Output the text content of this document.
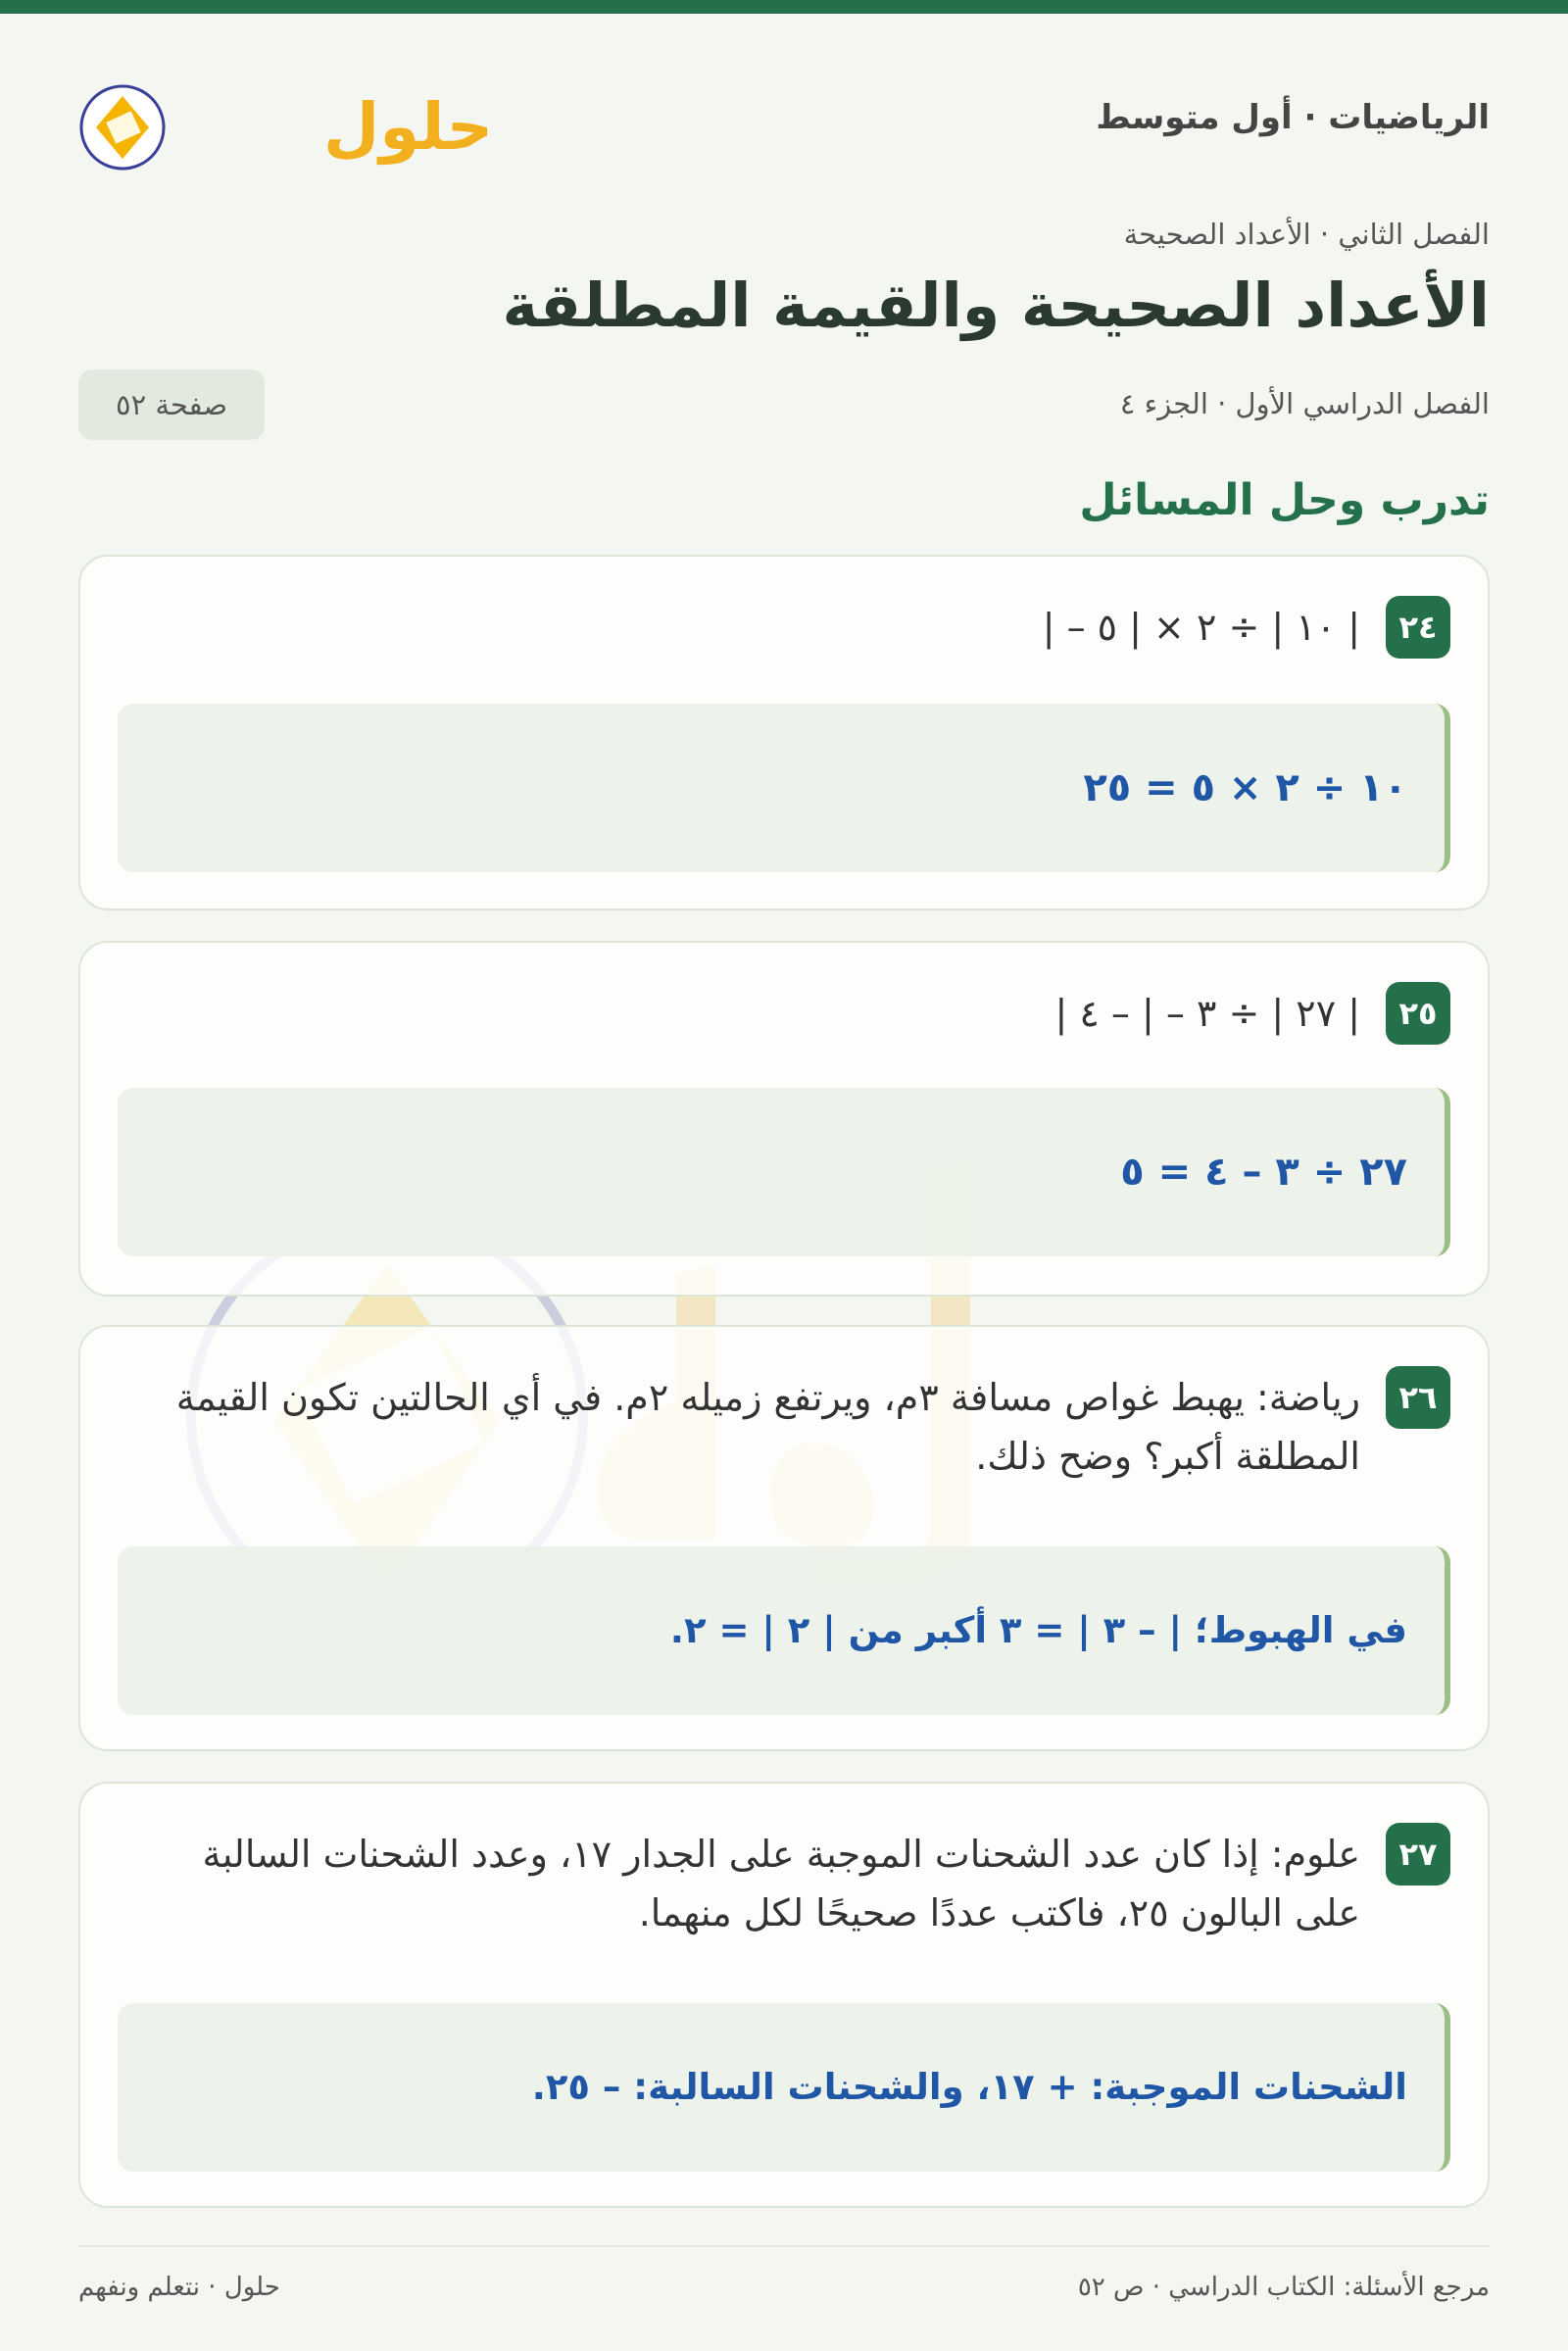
الرياضيات · أول متوسط
حلول
الفصل الثاني · الأعداد الصحيحة
الأعداد الصحيحة والقيمة المطلقة
الفصل الدراسي الأول · الجزء ٤
صفحة ٥٢
تدرب وحل المسائل
٢٤
| – ١٠ | ÷ ٢ × | ٥ |
١٠ ÷ ٢ × ٥ = ٢٥
٢٥
| ٢٧ | ÷ ٣ – | – ٤ |
٢٧ ÷ ٣ – ٤ = ٥
٢٦
رياضة: يهبط غواص مسافة ٣م، ويرتفع زميله ٢م. في أي الحالتين تكون القيمة المطلقة أكبر؟ وضح ذلك.
في الهبوط؛ | – ٣ | = ٣ أكبر من | ٢ | = ٢.
٢٧
علوم: إذا كان عدد الشحنات الموجبة على الجدار ١٧، وعدد الشحنات السالبة على البالون ٢٥، فاكتب عددًا صحيحًا لكل منهما.
الشحنات الموجبة: + ١٧، والشحنات السالبة: – ٢٥.
مرجع الأسئلة: الكتاب الدراسي · ص ٥٢
حلول · نتعلم ونفهم
